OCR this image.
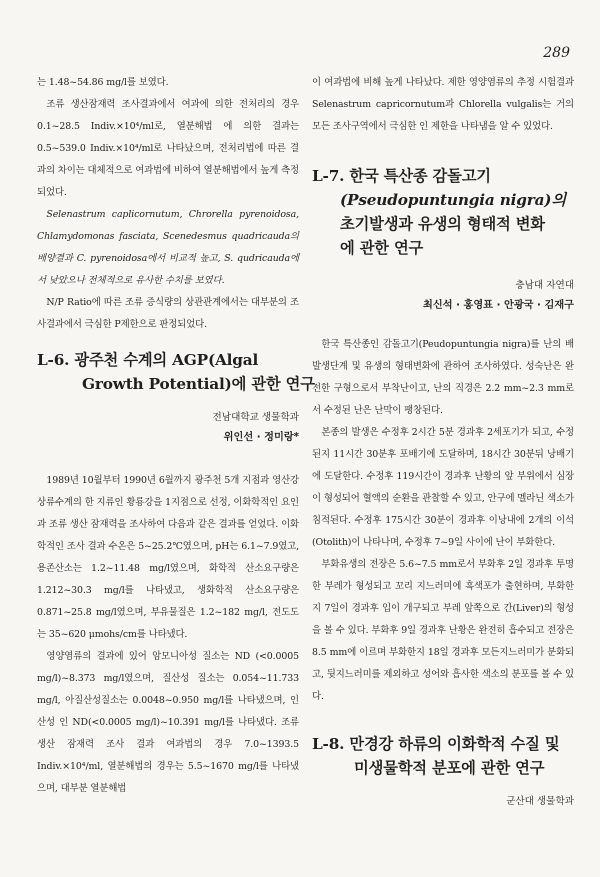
289

는 1.48~54.86 mg/l를 보였다.

조류 생산잠재력 조사결과에서 여과에 의한 전처리의 경우 0.1~28.5 Indiv.×10⁴/ml로, 열분해법 에 의한 결과는 0.5~539.0 Indiv.×10⁴/ml로 나타났으며, 전처리법에 따른 결과의 차이는 대체적으로 여과법에 비하여 열분해법에서 높게 측정되었다.

Selenastrum caplicornutum, Chrorella pyrenoidosa, Chlamydomonas fasciata, Scenedesmus quadricauda의 배양결과 C. pyrenoidosa에서 비교적 높고, S. qudricauda에서 낮았으나 전체적으로 유사한 수치를 보였다.

N/P Ratio에 따른 조류 증식량의 상관관계에서는 대부분의 조사결과에서 극심한 P제한으로 판정되었다.

L-6. 광주천 수계의 AGP(Algal
Growth Potential)에 관한 연구

전남대학교 생물학과

위인선 · 정미랑*

1989년 10월부터 1990년 6월까지 광주천 5개 지점과 영산강 상류수계의 한 지류인 황룡강을 1지점으로 선정, 이화학적인 요인과 조류 생산 잠재력을 조사하여 다음과 같은 결과를 얻었다. 이화학적인 조사 결과 수온은 5~25.2℃였으며, pH는 6.1~7.9였고, 용존산소는 1.2~11.48 mg/l였으며, 화학적 산소요구량은 1.212~30.3 mg/l를 나타냈고, 생화학적 산소요구량은 0.871~25.8 mg/l였으며, 부유물질은 1.2~182 mg/l, 전도도는 35~620 μmohs/cm를 나타냈다.

영양염류의 결과에 있어 암모니아성 질소는 ND (<0.0005 mg/l)~8.373 mg/l였으며, 질산성 질소는 0.054~11.733 mg/l, 아질산성질소는 0.0048~0.950 mg/l를 나타냈으며, 인산성 인 ND(<0.0005 mg/l)~10.391 mg/l를 나타냈다. 조류 생산 잠재력 조사 결과 여과법의 경우 7.0~1393.5 Indiv.×10⁴/ml, 열분해법의 경우는 5.5~1670 mg/l를 나타냈으며, 대부분 열분해법

이 여과법에 비해 높게 나타났다. 제한 영양염류의 추정 시험결과 Selenastrum capricornutum과 Chlorella vulgalis는 거의 모든 조사구역에서 극심한 인 제한을 나타냄을 알 수 있었다.

L-7. 한국 특산종 감돌고기
(Pseudopuntungia nigra)의
초기발생과 유생의 형태적 변화
에 관한 연구

충남대 자연대

최신석 · 홍영표 · 안광국 · 김재구

한국 특산종인 감돌고기(Peudopuntungia nigra)를 난의 배발생단계 및 유생의 형태변화에 관하여 조사하였다. 성숙난은 완전한 구형으로서 부착난이고, 난의 직경은 2.2 mm~2.3 mm로서 수정된 난은 난막이 팽창된다.

본종의 발생은 수정후 2시간 5분 경과후 2세포기가 되고, 수정된지 11시간 30분후 포배기에 도달하며, 18시간 30분뒤 낭배기에 도달한다. 수정후 119시간이 경과후 난황의 앞 부위에서 심장이 형성되어 혈액의 순환을 관찰할 수 있고, 안구에 멜라닌 색소가 침적된다. 수정후 175시간 30분이 경과후 이낭내에 2개의 이석(Otolith)이 나타나며, 수정후 7~9일 사이에 난이 부화한다.

부화유생의 전장은 5.6~7.5 mm로서 부화후 2일 경과후 투명한 부레가 형성되고 꼬리 지느러미에 흑색포가 출현하며, 부화한지 7일이 경과후 입이 개구되고 부레 앞쪽으로 간(Liver)의 형성을 볼 수 있다. 부화후 9일 경과후 난황은 완전히 흡수되고 전장은 8.5 mm에 이르며 부화한지 18일 경과후 모든지느러미가 분화되고, 뒷지느러미를 제외하고 성어와 흡사한 색소의 분포를 볼 수 있다.

L-8. 만경강 하류의 이화학적 수질 및
미생물학적 분포에 관한 연구

군산대 생물학과
